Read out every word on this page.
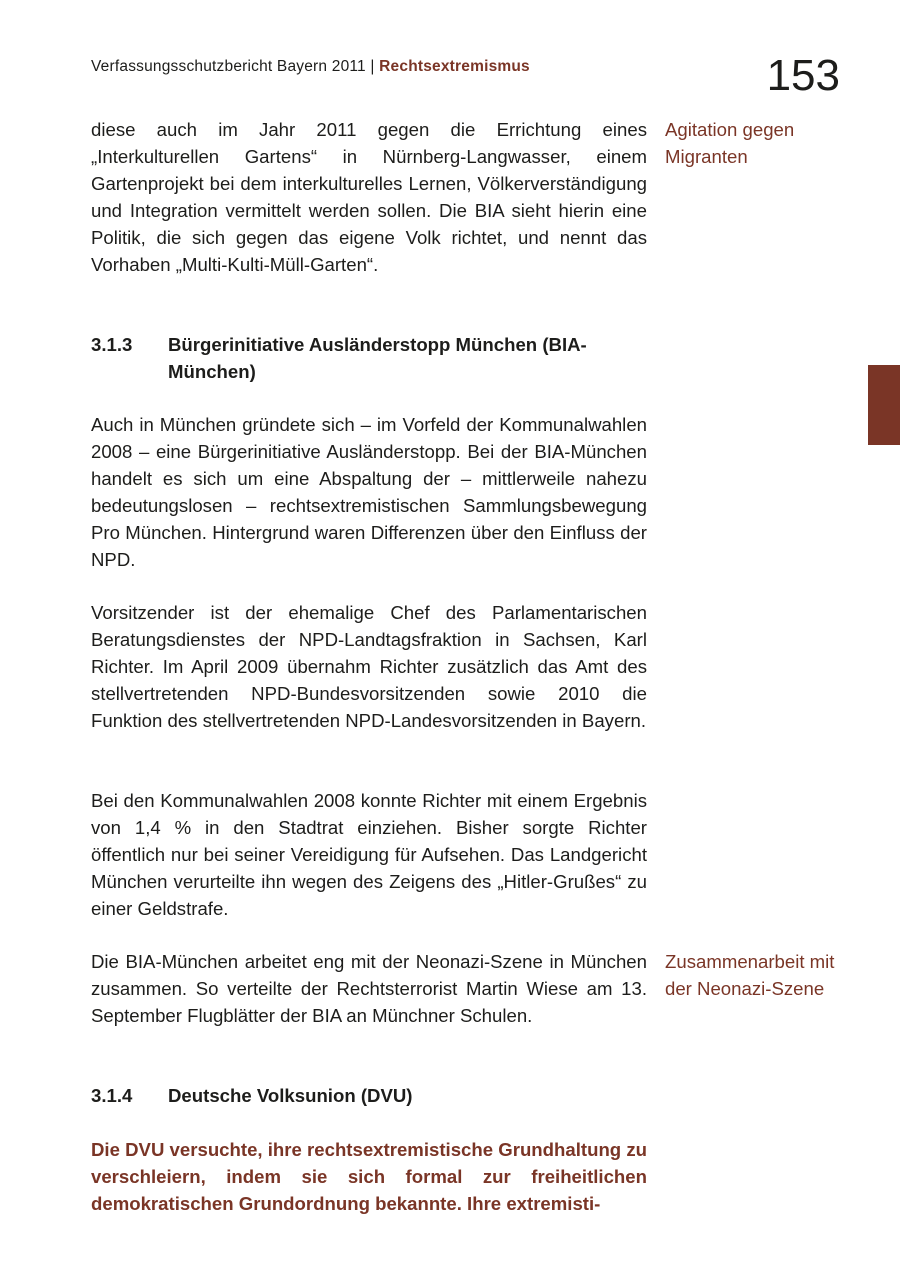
Verfassungsschutzbericht Bayern 2011 | Rechtsextremismus	153
diese auch im Jahr 2011 gegen die Errichtung eines „Interkulturellen Gartens“ in Nürnberg-Langwasser, einem Gartenprojekt bei dem interkulturelles Lernen, Völkerverständigung und Integration vermittelt werden sollen. Die BIA sieht hierin eine Politik, die sich gegen das eigene Volk richtet, und nennt das Vorhaben „Multi-Kulti-Müll-Garten“.
Agitation gegen Migranten
3.1.3	Bürgerinitiative Ausländerstopp München (BIA-München)
Auch in München gründete sich – im Vorfeld der Kommunalwahlen 2008 – eine Bürgerinitiative Ausländerstopp. Bei der BIA-München handelt es sich um eine Abspaltung der – mittlerweile nahezu bedeutungslosen – rechtsextremistischen Sammlungsbewegung Pro München. Hintergrund waren Differenzen über den Einfluss der NPD.
Vorsitzender ist der ehemalige Chef des Parlamentarischen Beratungsdienstes der NPD-Landtagsfraktion in Sachsen, Karl Richter. Im April 2009 übernahm Richter zusätzlich das Amt des stellvertretenden NPD-Bundesvorsitzenden sowie 2010 die Funktion des stellvertretenden NPD-Landesvorsitzenden in Bayern.
Bei den Kommunalwahlen 2008 konnte Richter mit einem Ergebnis von 1,4 % in den Stadtrat einziehen. Bisher sorgte Richter öffentlich nur bei seiner Vereidigung für Aufsehen. Das Landgericht München verurteilte ihn wegen des Zeigens des „Hitler-Grußes“ zu einer Geldstrafe.
Die BIA-München arbeitet eng mit der Neonazi-Szene in München zusammen. So verteilte der Rechtsterrorist Martin Wiese am 13. September Flugblätter der BIA an Münchner Schulen.
Zusammenarbeit mit der Neonazi-Szene
3.1.4	Deutsche Volksunion (DVU)
Die DVU versuchte, ihre rechtsextremistische Grundhaltung zu verschleiern, indem sie sich formal zur freiheitlichen demokratischen Grundordnung bekannte. Ihre extremisti-
